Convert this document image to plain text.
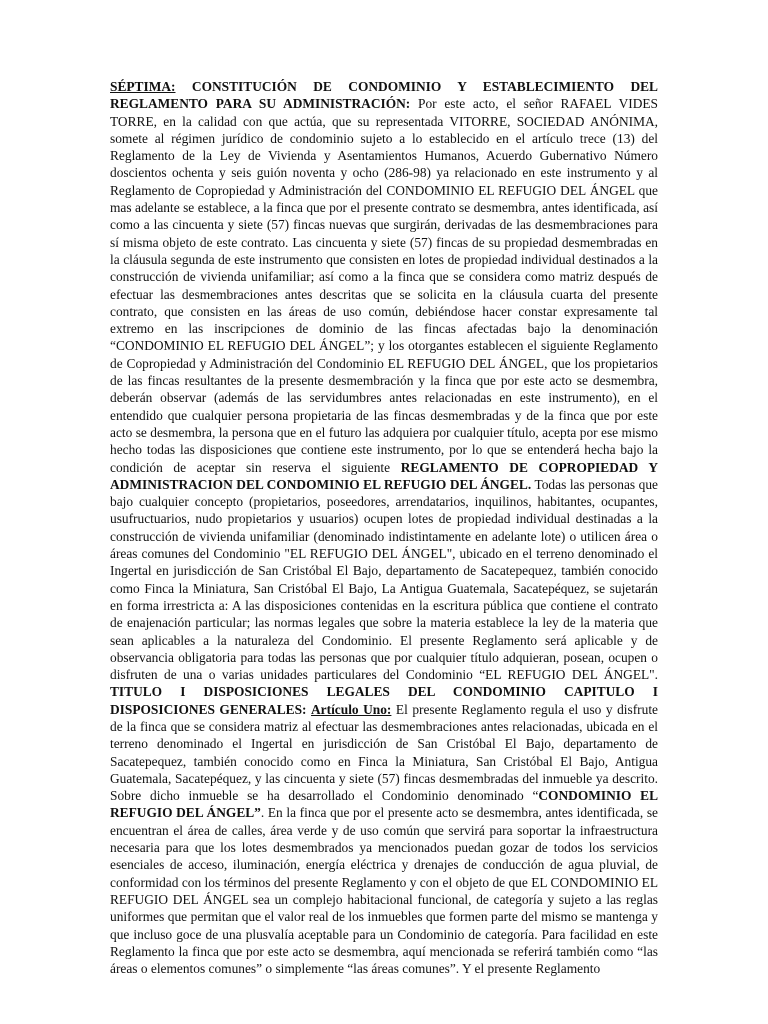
SÉPTIMA: CONSTITUCIÓN DE CONDOMINIO Y ESTABLECIMIENTO DEL REGLAMENTO PARA SU ADMINISTRACIÓN: Por este acto, el señor RAFAEL VIDES TORRE, en la calidad con que actúa, que su representada VITORRE, SOCIEDAD ANÓNIMA, somete al régimen jurídico de condominio sujeto a lo establecido en el artículo trece (13) del Reglamento de la Ley de Vivienda y Asentamientos Humanos, Acuerdo Gubernativo Número doscientos ochenta y seis guión noventa y ocho (286-98) ya relacionado en este instrumento y al Reglamento de Copropiedad y Administración del CONDOMINIO EL REFUGIO DEL ÁNGEL que mas adelante se establece, a la finca que por el presente contrato se desmembra, antes identificada, así como a las cincuenta y siete (57) fincas nuevas que surgirán, derivadas de las desmembraciones para sí misma objeto de este contrato. Las cincuenta y siete (57) fincas de su propiedad desmembradas en la cláusula segunda de este instrumento que consisten en lotes de propiedad individual destinados a la construcción de vivienda unifamiliar; así como a la finca que se considera como matriz después de efectuar las desmembraciones antes descritas que se solicita en la cláusula cuarta del presente contrato, que consisten en las áreas de uso común, debiéndose hacer constar expresamente tal extremo en las inscripciones de dominio de las fincas afectadas bajo la denominación “CONDOMINIO EL REFUGIO DEL ÁNGEL”; y los otorgantes establecen el siguiente Reglamento de Copropiedad y Administración del Condominio EL REFUGIO DEL ÁNGEL, que los propietarios de las fincas resultantes de la presente desmembración y la finca que por este acto se desmembra, deberán observar (además de las servidumbres antes relacionadas en este instrumento), en el entendido que cualquier persona propietaria de las fincas desmembradas y de la finca que por este acto se desmembra, la persona que en el futuro las adquiera por cualquier título, acepta por ese mismo hecho todas las disposiciones que contiene este instrumento, por lo que se entenderá hecha bajo la condición de aceptar sin reserva el siguiente REGLAMENTO DE COPROPIEDAD Y ADMINISTRACION DEL CONDOMINIO EL REFUGIO DEL ÁNGEL. Todas las personas que bajo cualquier concepto (propietarios, poseedores, arrendatarios, inquilinos, habitantes, ocupantes, usufructuarios, nudo propietarios y usuarios) ocupen lotes de propiedad individual destinadas a la construcción de vivienda unifamiliar (denominado indistintamente en adelante lote) o utilicen área o áreas comunes del Condominio "EL REFUGIO DEL ÁNGEL", ubicado en el terreno denominado el Ingertal en jurisdicción de San Cristóbal El Bajo, departamento de Sacatepequez, también conocido como Finca la Miniatura, San Cristóbal El Bajo, La Antigua Guatemala, Sacatepéquez, se sujetarán en forma irrestricta a: A las disposiciones contenidas en la escritura pública que contiene el contrato de enajenación particular; las normas legales que sobre la materia establece la ley de la materia que sean aplicables a la naturaleza del Condominio. El presente Reglamento será aplicable y de observancia obligatoria para todas las personas que por cualquier título adquieran, posean, ocupen o disfruten de una o varias unidades particulares del Condominio “EL REFUGIO DEL ÁNGEL". TITULO I DISPOSICIONES LEGALES DEL CONDOMINIO CAPITULO I DISPOSICIONES GENERALES: Artículo Uno: El presente Reglamento regula el uso y disfrute de la finca que se considera matriz al efectuar las desmembraciones antes relacionadas, ubicada en el terreno denominado el Ingertal en jurisdicción de San Cristóbal El Bajo, departamento de Sacatepequez, también conocido como en Finca la Miniatura, San Cristóbal El Bajo, Antigua Guatemala, Sacatepéquez, y las cincuenta y siete (57) fincas desmembradas del inmueble ya descrito. Sobre dicho inmueble se ha desarrollado el Condominio denominado “CONDOMINIO EL REFUGIO DEL ÁNGEL”. En la finca que por el presente acto se desmembra, antes identificada, se encuentran el área de calles, área verde y de uso común que servirá para soportar la infraestructura necesaria para que los lotes desmembrados ya mencionados puedan gozar de todos los servicios esenciales de acceso, iluminación, energía eléctrica y drenajes de conducción de agua pluvial, de conformidad con los términos del presente Reglamento y con el objeto de que EL CONDOMINIO EL REFUGIO DEL ÁNGEL sea un complejo habitacional funcional, de categoría y sujeto a las reglas uniformes que permitan que el valor real de los inmuebles que formen parte del mismo se mantenga y que incluso goce de una plusvalía aceptable para un Condominio de categoría. Para facilidad en este Reglamento la finca que por este acto se desmembra, aquí mencionada se referirá también como “las áreas o elementos comunes” o simplemente “las áreas comunes”. Y el presente Reglamento
